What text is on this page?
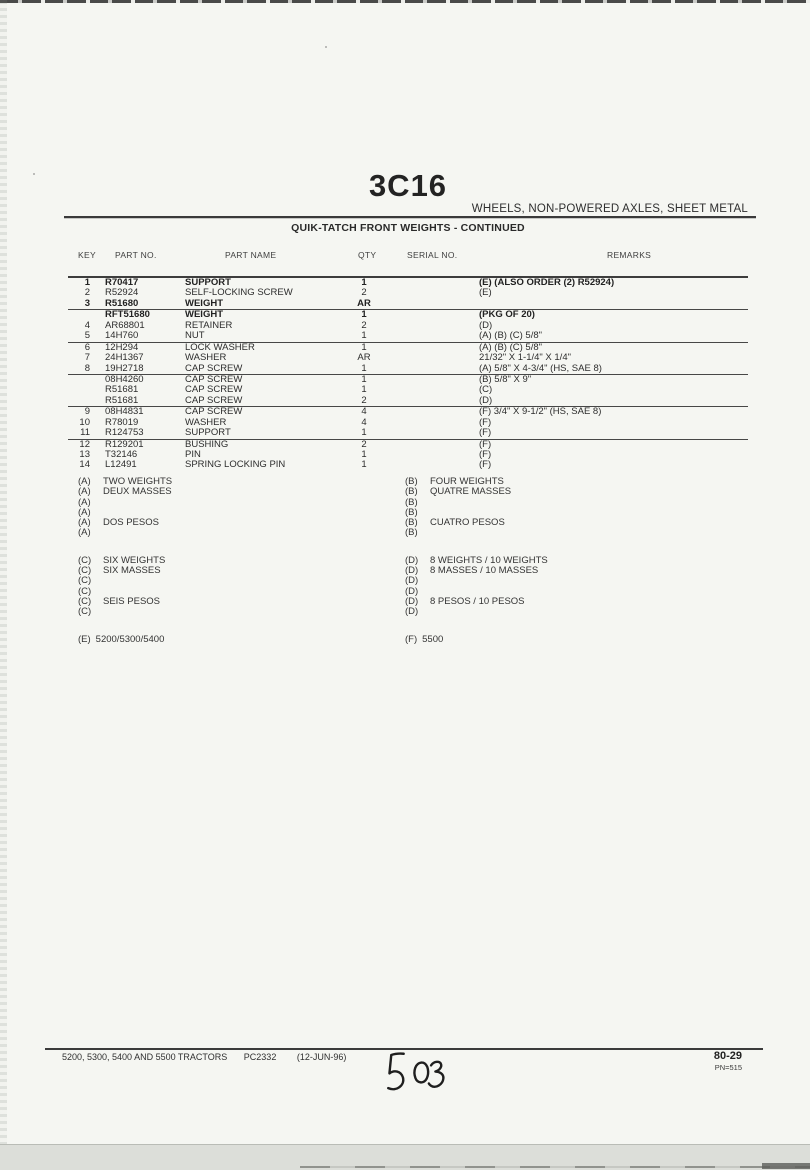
3C16
WHEELS, NON-POWERED AXLES, SHEET METAL
QUIK-TATCH FRONT WEIGHTS - CONTINUED
KEY PART NO.	PART NAME	QTY	SERIAL NO.	REMARKS
1 R70417	SUPPORT	1	(E) (ALSO ORDER (2) R52924)
2 R52924	SELF-LOCKING SCREW	2	(E)
3 R51680	WEIGHT	AR
RFT51680	WEIGHT	1	(PKG OF 20)
4 AR68801	RETAINER	2	(D)
5 14H760	NUT	1	(A) (B) (C) 5/8"
6 12H294	LOCK WASHER	1	(A) (B) (C) 5/8"
7 24H1367	WASHER	AR	21/32" X 1-1/4" X 1/4"
8 19H2718	CAP SCREW	1	(A) 5/8" X 4-3/4" (HS, SAE 8)
08H4260	CAP SCREW	1	(B) 5/8" X 9"
R51681	CAP SCREW	1	(C)
R51681	CAP SCREW	2	(D)
9 08H4831	CAP SCREW	4	(F) 3/4" X 9-1/2" (HS, SAE 8)
10 R78019	WASHER	4	(F)
11 R124753	SUPPORT	1	(F)
12 R129201	BUSHING	2	(F)
13 T32146	PIN	1	(F)
14 L12491	SPRING LOCKING PIN	1	(F)
(A)	TWO WEIGHTS
(A)	DEUX MASSES
(A)
(A)
(A)	DOS PESOS
(A)
(C)	SIX WEIGHTS
(C)	SIX MASSES
(C)
(C)
(C)	SEIS PESOS
(C)
(E) 5200/5300/5400
(B)	FOUR WEIGHTS
(B)	QUATRE MASSES
(B)
(B)
(B)	CUATRO PESOS
(B)
(D)	8 WEIGHTS / 10 WEIGHTS
(D)	8 MASSES / 10 MASSES
(D)
(D)
(D)	8 PESOS / 10 PESOS
(D)
(F) 5500
5200, 5300, 5400 AND 5500 TRACTORS PC2332 (12-JUN-96)	80-29
PN=515
